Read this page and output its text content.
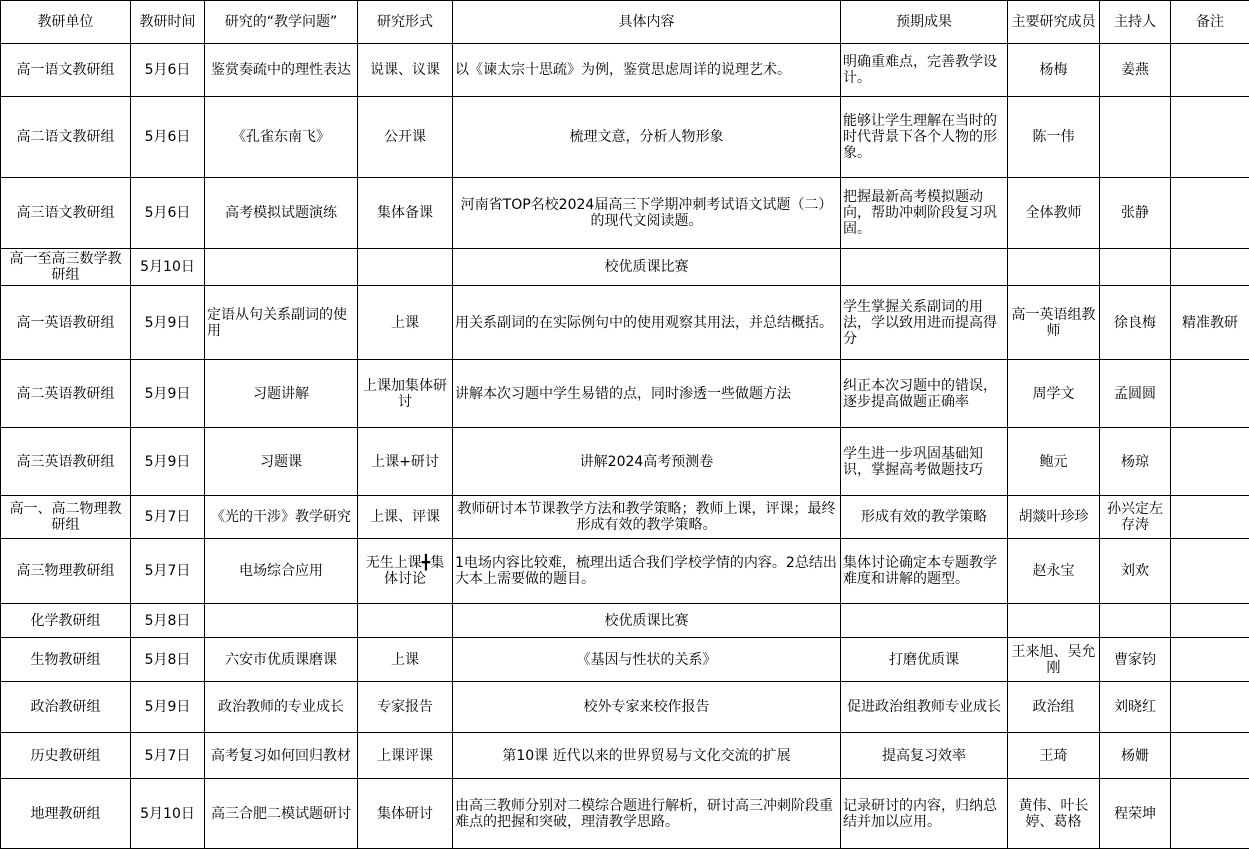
教研单位	教研时间	研究的“教学问题”	研究形式	具体内容	预期成果	主要研究成员	主持人	备注
高一语文教研组	5月6日	鉴赏奏疏中的理性表达	说课、议课	以《谏太宗十思疏》为例，鉴赏思虑周详的说理艺术。	明确重难点，完善教学设计。	杨梅	姜燕	
高二语文教研组	5月6日	《孔雀东南飞》	公开课	梳理文意，分析人物形象	能够让学生理解在当时的时代背景下各个人物的形象。	陈一伟		
高三语文教研组	5月6日	高考模拟试题演练	集体备课	河南省TOP名校2024届高三下学期冲刺考试语文试题（二）的现代文阅读题。	把握最新高考模拟题动向，帮助冲刺阶段复习巩固。	全体教师	张静	
高一至高三数学教研组	5月10日			校优质课比赛				
高一英语教研组	5月9日	定语从句关系副词的使用	上课	用关系副词的在实际例句中的使用观察其用法，并总结概括。	学生掌握关系副词的用法，学以致用进而提高得分	高一英语组教师	徐良梅	精准教研
高二英语教研组	5月9日	习题讲解	上课加集体研讨	讲解本次习题中学生易错的点，同时渗透一些做题方法	纠正本次习题中的错误，逐步提高做题正确率	周学文	孟圆圆	
高三英语教研组	5月9日	习题课	上课+研讨	讲解2024高考预测卷	学生进一步巩固基础知识，掌握高考做题技巧	鲍元	杨琼	
高一、高二物理教研组	5月7日	《光的干涉》教学研究	上课、评课	教师研讨本节课教学方法和教学策略；教师上课，评课；最终形成有效的教学策略。	形成有效的教学策略	胡燚叶珍珍	孙兴定左存涛	
高三物理教研组	5月7日	电场综合应用	无生上课╋集体讨论	1电场内容比较难，梳理出适合我们学校学情的内容。2总结出大本上需要做的题目。	集体讨论确定本专题教学难度和讲解的题型。	赵永宝	刘欢	
化学教研组	5月8日			校优质课比赛				
生物教研组	5月8日	六安市优质课磨课	上课	《基因与性状的关系》	打磨优质课	王来旭、吴允刚	曹家钧	
政治教研组	5月9日	政治教师的专业成长	专家报告	校外专家来校作报告	促进政治组教师专业成长	政治组	刘晓红	
历史教研组	5月7日	高考复习如何回归教材	上课评课	第10课 近代以来的世界贸易与文化交流的扩展	提高复习效率	王琦	杨姗	
地理教研组	5月10日	高三合肥二模试题研讨	集体研讨	由高三教师分别对二模综合题进行解析，研讨高三冲刺阶段重难点的把握和突破，理清教学思路。	记录研讨的内容，归纳总结并加以应用。	黄伟、叶长婷、葛格	程荣坤	
